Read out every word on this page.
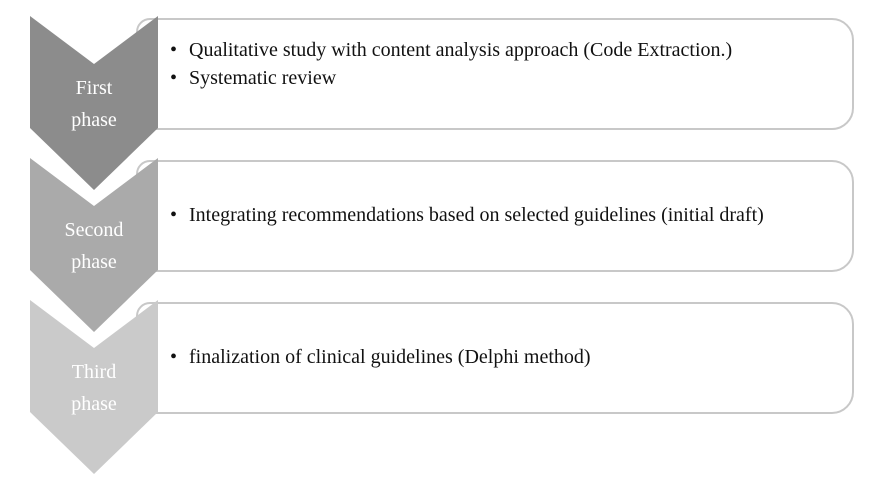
• Qualitative study with content analysis approach (Code Extraction.)
• Systematic review
• Integrating recommendations based on selected guidelines (initial draft)
• finalization of clinical guidelines (Delphi method)
First
phase
Second
phase
Third
phase
